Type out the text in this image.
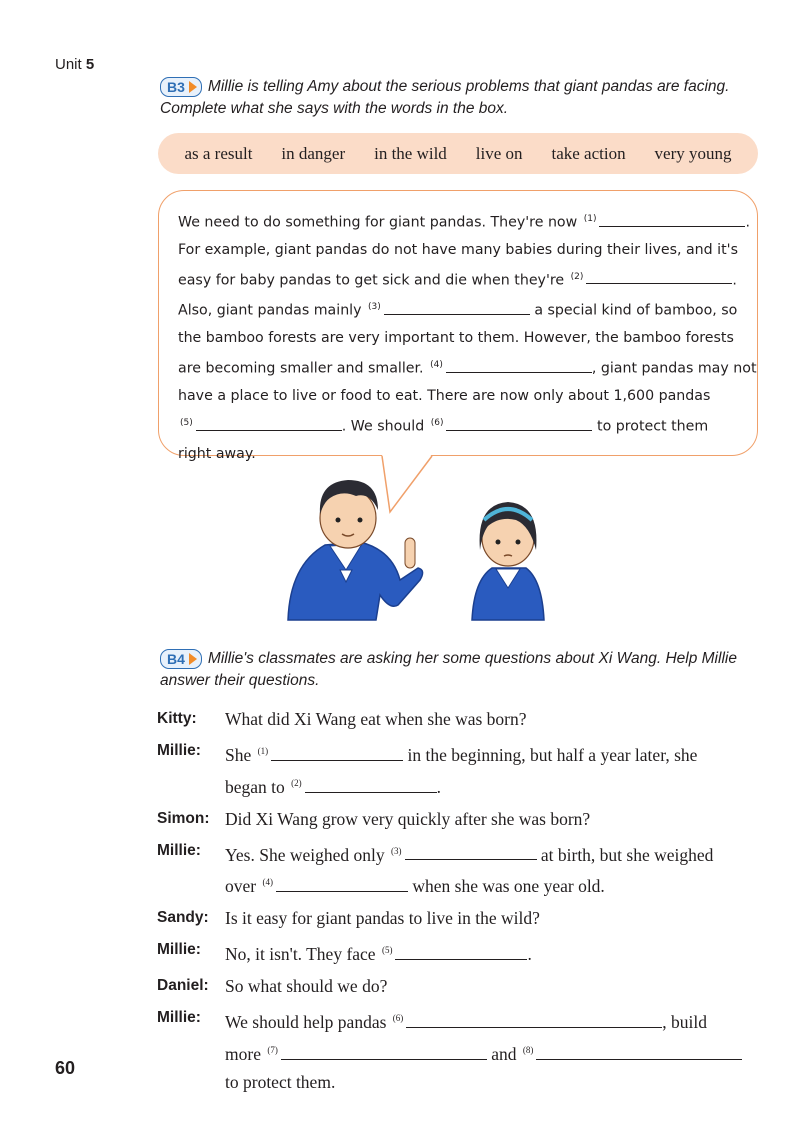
Unit 5
B3 Millie is telling Amy about the serious problems that giant pandas are facing.
Complete what she says with the words in the box.
as a result in danger in the wild live on take action very young
We need to do something for giant pandas. They're now $^{(1)}$	.
For example, giant pandas do not have many babies during their lives, and it's
easy for baby pandas to get sick and die when they're $^{(2)}$	.
Also, giant pandas mainly $^{(3)}$	a special kind of bamboo, so
the bamboo forests are very important to them. However, the bamboo forests
are becoming smaller and smaller. $^{(4)}$	, giant pandas may not
have a place to live or food to eat. There are now only about 1,600 pandas
$^{(5)}$	. We should $^{(6)}$	to protect them
right away.
B4 Millie's classmates are asking her some questions about Xi Wang. Help Millie
answer their questions.
Kitty:	What did Xi Wang eat when she was born?
Millie:	She $^{(1)}$	in the beginning, but half a year later, she
began to $^{(2)}$	.
Simon: Did Xi Wang grow very quickly after she was born?
Millie:	Yes. She weighed only $^{(3)}$	at birth, but she weighed
over $^{(4)}$	when she was one year old.
Sandy: Is it easy for giant pandas to live in the wild?
Millie:	No, it isn't. They face $^{(5)}$	.
Daniel: So what should we do?
Millie:	We should help pandas $^{(6)}$	, build
more $^{(7)}$	and $^{(8)}$
to protect them.
60
